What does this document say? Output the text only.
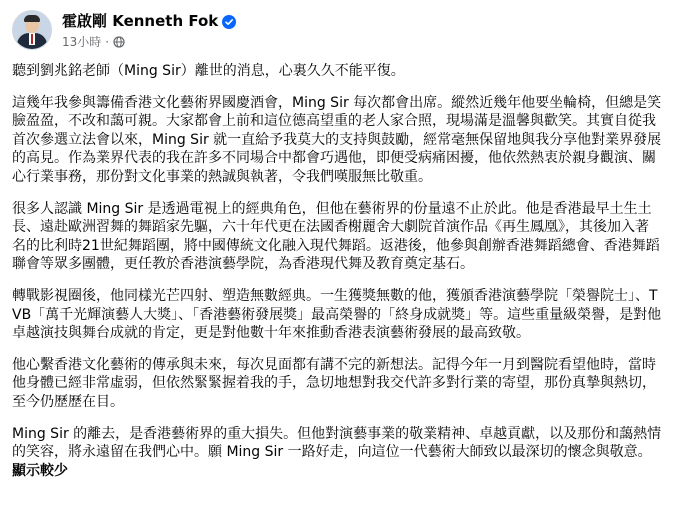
霍啟剛 Kenneth Fok
13小時 ·

聽到劉兆銘老師（Ming Sir）離世的消息，心裏久久不能平復。

這幾年我參與籌備香港文化藝術界國慶酒會，Ming Sir 每次都會出席。縱然近幾年他要坐輪椅，但總是笑臉盈盈，不改和藹可親。大家都會上前和這位德高望重的老人家合照，現場滿是溫馨與歡笑。其實自從我首次參選立法會以來，Ming Sir 就一直給予我莫大的支持與鼓勵，經常毫無保留地與我分享他對業界發展的高見。作為業界代表的我在許多不同場合中都會巧遇他，即便受病痛困擾，他依然熱衷於親身觀演、關心行業事務，那份對文化事業的熱誠與執著，令我們嘆服無比敬重。

很多人認識 Ming Sir 是透過電視上的經典角色，但他在藝術界的份量遠不止於此。他是香港最早土生土長、遠赴歐洲習舞的舞蹈家先驅，六十年代更在法國香榭麗舍大劇院首演作品《再生鳳凰》，其後加入著名的比利時21世紀舞蹈團，將中國傳統文化融入現代舞蹈。返港後，他參與創辦香港舞蹈總會、香港舞蹈聯會等眾多團體，更任教於香港演藝學院，為香港現代舞及教育奠定基石。

轉戰影視圈後，他同樣光芒四射、塑造無數經典。一生獲獎無數的他，獲頒香港演藝學院「榮譽院士」、TVB「萬千光輝演藝人大獎」、「香港藝術發展獎」最高榮譽的「終身成就獎」等。這些重量級榮譽，是對他卓越演技與舞台成就的肯定，更是對他數十年來推動香港表演藝術發展的最高致敬。

他心繫香港文化藝術的傳承與未來，每次見面都有講不完的新想法。記得今年一月到醫院看望他時，當時他身體已經非常虛弱，但依然緊緊握着我的手，急切地想對我交代許多對行業的寄望，那份真摯與熱切，至今仍歷歷在目。

Ming Sir 的離去，是香港藝術界的重大損失。但他對演藝事業的敬業精神、卓越貢獻，以及那份和藹熱情的笑容，將永遠留在我們心中。願 Ming Sir 一路好走，向這位一代藝術大師致以最深切的懷念與敬意。 顯示較少
